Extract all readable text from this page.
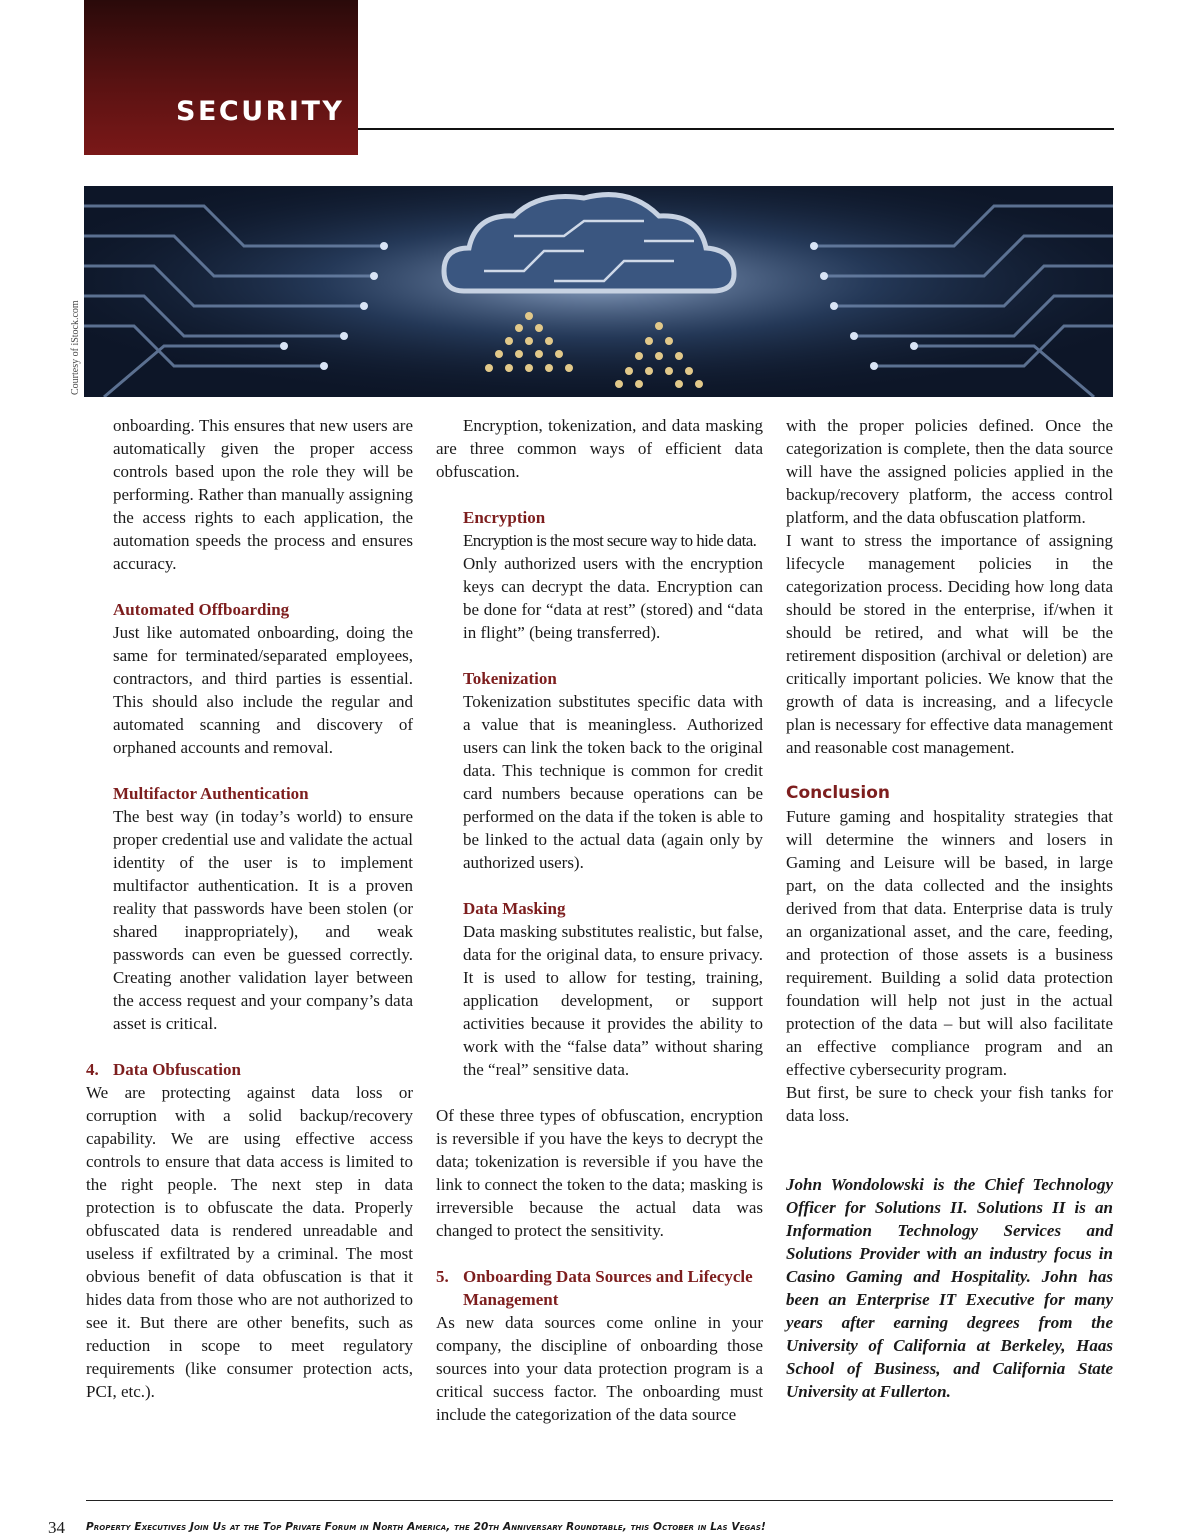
SECURITY
Courtesy of iStock.com

onboarding. This ensures that new users are automatically given the proper access controls based upon the role they will be performing. Rather than manually assigning the access rights to each application, the automation speeds the process and ensures accuracy.

Automated Offboarding

Just like automated onboarding, doing the same for terminated/separated employees, contractors, and third parties is essential. This should also include the regular and automated scanning and discovery of orphaned accounts and removal.

Multifactor Authentication

The best way (in today’s world) to ensure proper credential use and validate the actual identity of the user is to implement multifactor authentication. It is a proven reality that passwords have been stolen (or shared inappropriately), and weak passwords can even be guessed correctly. Creating another validation layer between the access request and your company’s data asset is critical.

4. Data Obfuscation

We are protecting against data loss or corruption with a solid backup/recovery capability. We are using effective access controls to ensure that data access is limited to the right people. The next step in data protection is to obfuscate the data. Properly obfuscated data is rendered unreadable and useless if exfiltrated by a criminal. The most obvious benefit of data obfuscation is that it hides data from those who are not authorized to see it. But there are other benefits, such as reduction in scope to meet regulatory requirements (like consumer protection acts, PCI, etc.).

Encryption, tokenization, and data masking are three common ways of efficient data obfuscation.

Encryption

Encryption is the most secure way to hide data.

Only authorized users with the encryption keys can decrypt the data. Encryption can be done for “data at rest” (stored) and “data in flight” (being transferred).

Tokenization

Tokenization substitutes specific data with a value that is meaningless. Authorized users can link the token back to the original data. This technique is common for credit card numbers because operations can be performed on the data if the token is able to be linked to the actual data (again only by authorized users).

Data Masking

Data masking substitutes realistic, but false, data for the original data, to ensure privacy. It is used to allow for testing, training, application development, or support activities because it provides the ability to work with the “false data” without sharing the “real” sensitive data.

Of these three types of obfuscation, encryption is reversible if you have the keys to decrypt the data; tokenization is reversible if you have the link to connect the token to the data; masking is irreversible because the actual data was changed to protect the sensitivity.

5. Onboarding Data Sources and Lifecycle Management

As new data sources come online in your company, the discipline of onboarding those sources into your data protection program is a critical success factor. The onboarding must include the categorization of the data source

with the proper policies defined. Once the categorization is complete, then the data source will have the assigned policies applied in the backup/recovery platform, the access control platform, and the data obfuscation platform.

I want to stress the importance of assigning lifecycle management policies in the categorization process. Deciding how long data should be stored in the enterprise, if/when it should be retired, and what will be the retirement disposition (archival or deletion) are critically important policies. We know that the growth of data is increasing, and a lifecycle plan is necessary for effective data management and reasonable cost management.

Conclusion

Future gaming and hospitality strategies that will determine the winners and losers in Gaming and Leisure will be based, in large part, on the data collected and the insights derived from that data. Enterprise data is truly an organizational asset, and the care, feeding, and protection of those assets is a business requirement. Building a solid data protection foundation will help not just in the actual protection of the data – but will also facilitate an effective compliance program and an effective cybersecurity program.

But first, be sure to check your fish tanks for data loss.

John Wondolowski is the Chief Technology Officer for Solutions II. Solutions II is an Information Technology Services and Solutions Provider with an industry focus in Casino Gaming and Hospitality. John has been an Enterprise IT Executive for many years after earning degrees from the University of California at Berkeley, Haas School of Business, and California State University at Fullerton.

34 Property Executives Join Us at the Top Private Forum in North America, the 20th Anniversary Roundtable, this October in Las Vegas!
